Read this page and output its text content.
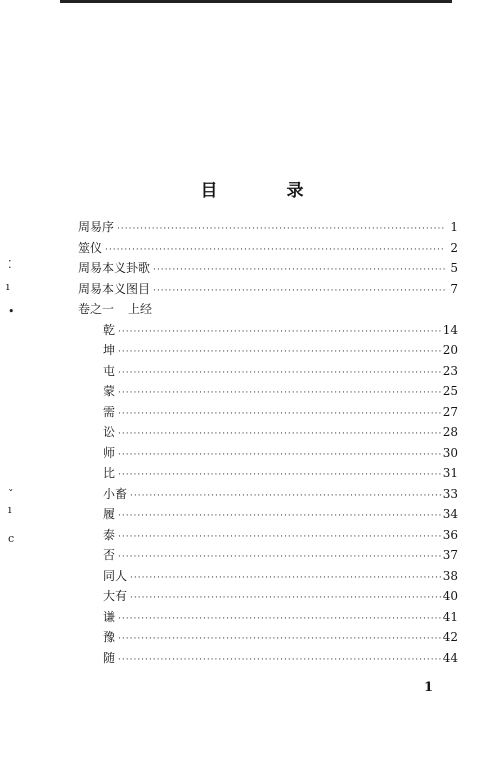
⁚
ı
•
ˇ
ı
c
目　录
周易序 ·····	1
筮仪 ·····	2
周易本义卦歌 ·····	5
周易本义图目 ·····	7
卷之一 上经
乾 ·····	14
坤 ·····	20
屯 ·····	23
蒙 ·····	25
需 ·····	27
讼 ·····	28
师 ·····	30
比 ·····	31
小畜 ·····	33
履 ·····	34
泰 ·····	36
否 ·····	37
同人 ·····	38
大有 ·····	40
谦 ·····	41
豫 ·····	42
随 ·····	44
1
